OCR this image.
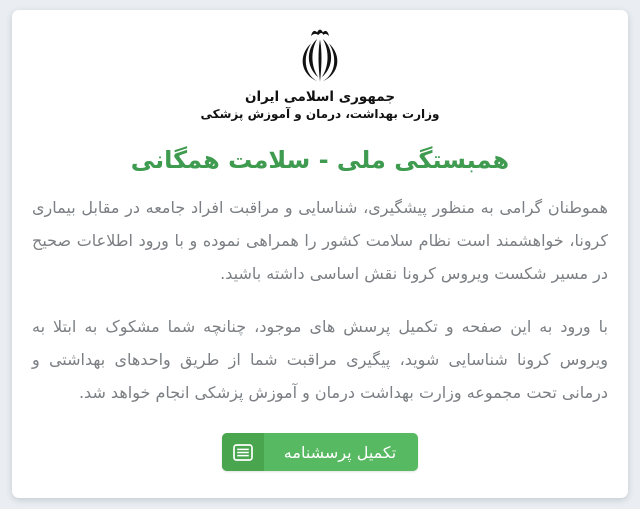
جمهوری اسلامی ایران
وزارت بهداشت، درمان و آموزش پزشکی
همبستگی ملی - سلامت همگانی

هموطنان گرامی به منظور پیشگیری، شناسایی و مراقبت افراد جامعه در مقابل بیماری کرونا، خواهشمند است نظام سلامت کشور را همراهی نموده و با ورود اطلاعات صحیح در مسیر شکست ویروس کرونا نقش اساسی داشته باشید.

با ورود به این صفحه و تکمیل پرسش های موجود، چنانچه شما مشکوک به ابتلا به ویروس کرونا شناسایی شوید، پیگیری مراقبت شما از طریق واحدهای بهداشتی و درمانی تحت مجموعه وزارت بهداشت درمان و آموزش پزشکی انجام خواهد شد.

تکمیل پرسشنامه
